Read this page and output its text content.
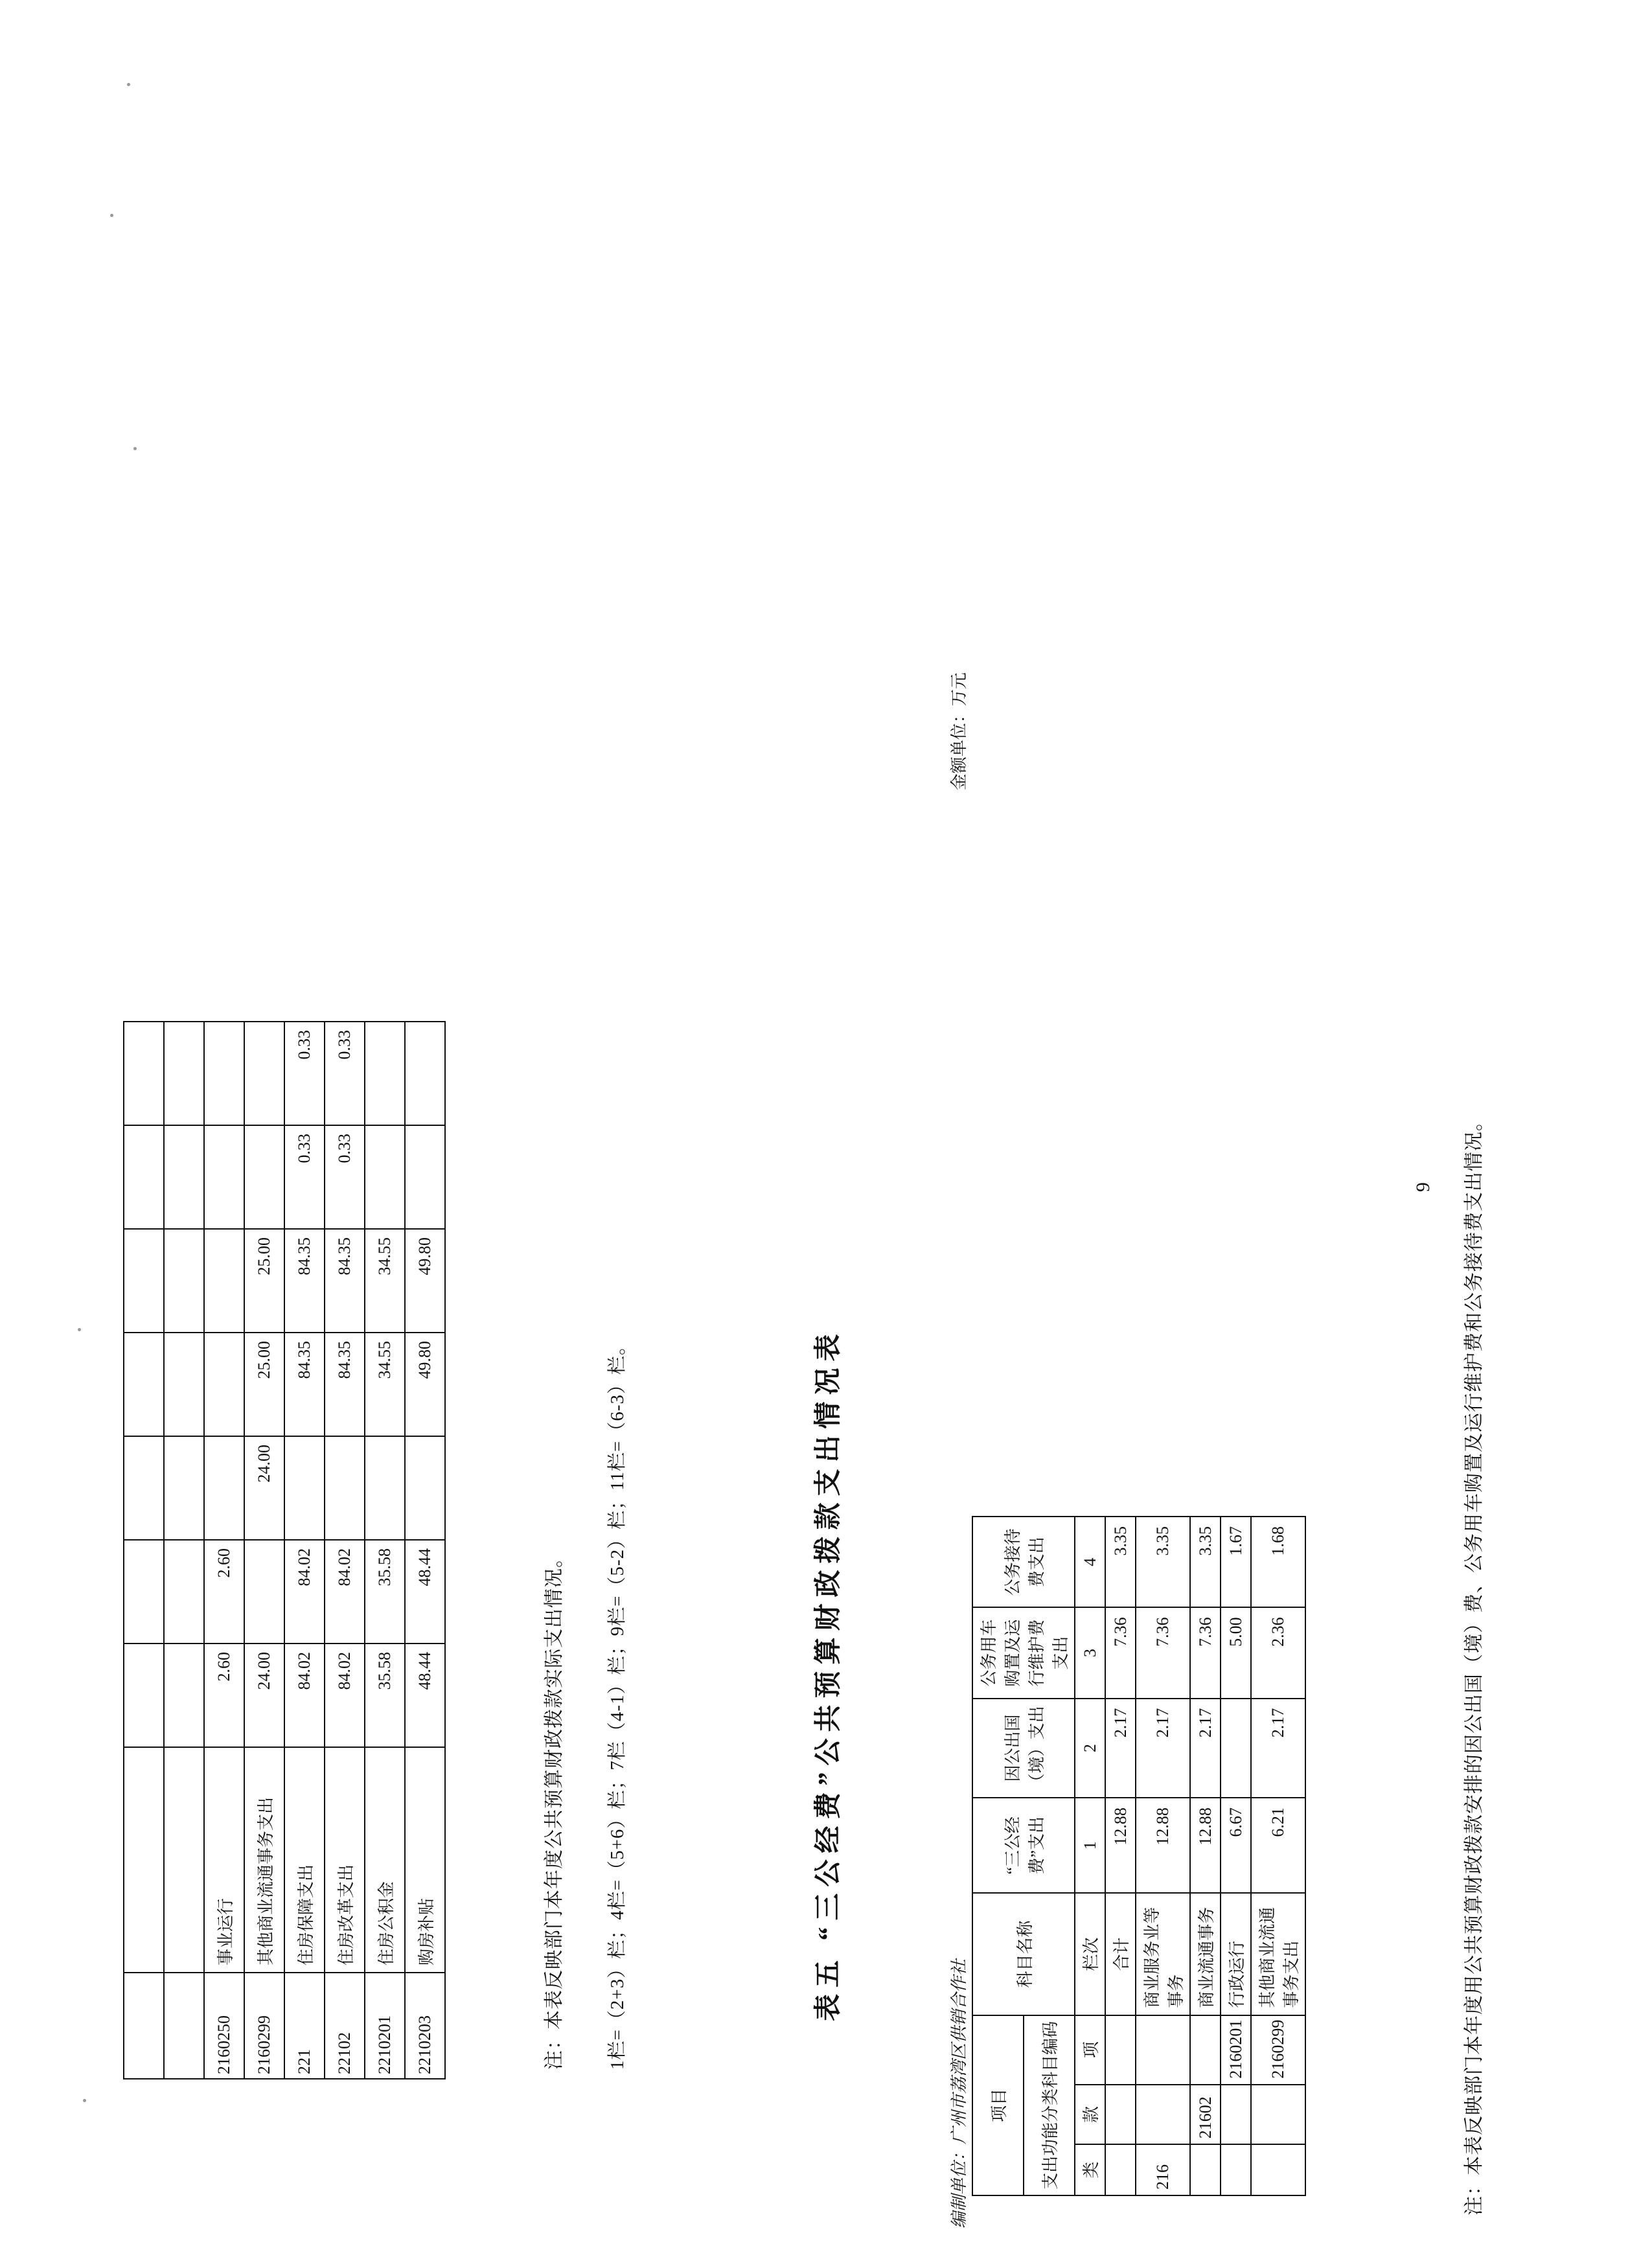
2160250	事业运行	2.60	2.60					
2160299	其他商业流通事务支出	24.00		24.00	25.00	25.00		
221	住房保障支出	84.02	84.02		84.35	84.35	0.33	0.33
22102	住房改革支出	84.02	84.02		84.35	84.35	0.33	0.33
2210201	住房公积金	35.58	35.58		34.55	34.55		
2210203	购房补贴	48.44	48.44		49.80	49.80		
注：本表反映部门本年度公共预算财政拨款实际支出情况。 1栏=（2+3）栏；4栏=（5+6）栏；7栏（4-1）栏；9栏=（5-2）栏；11栏=（6-3）栏。	表五 “三公经费”公共预算财政拨款支出情况表
编制单位：广州市荔湾区供销合作社
金额单位：万元
项目			科目名称	“三公经费”支出	因公出国（境）支出	公务用车购置及运行维护费支出	公务接待费支出
支出功能分类科目编码							
类	款	项	栏次	1	2	3	4
			合计	12.88	2.17	7.36	3.35
216			商业服务业等事务	12.88	2.17	7.36	3.35
	21602		商业流通事务	12.88	2.17	7.36	3.35
		2160201	行政运行	6.67		5.00	1.67
		2160299	其他商业流通事务支出	6.21	2.17	2.36	1.68	注：本表反映部门本年度用公共预算财政拨款安排的因公出国（境）费、公务用车购置及运行维护费和公务接待费支出情况。
9
